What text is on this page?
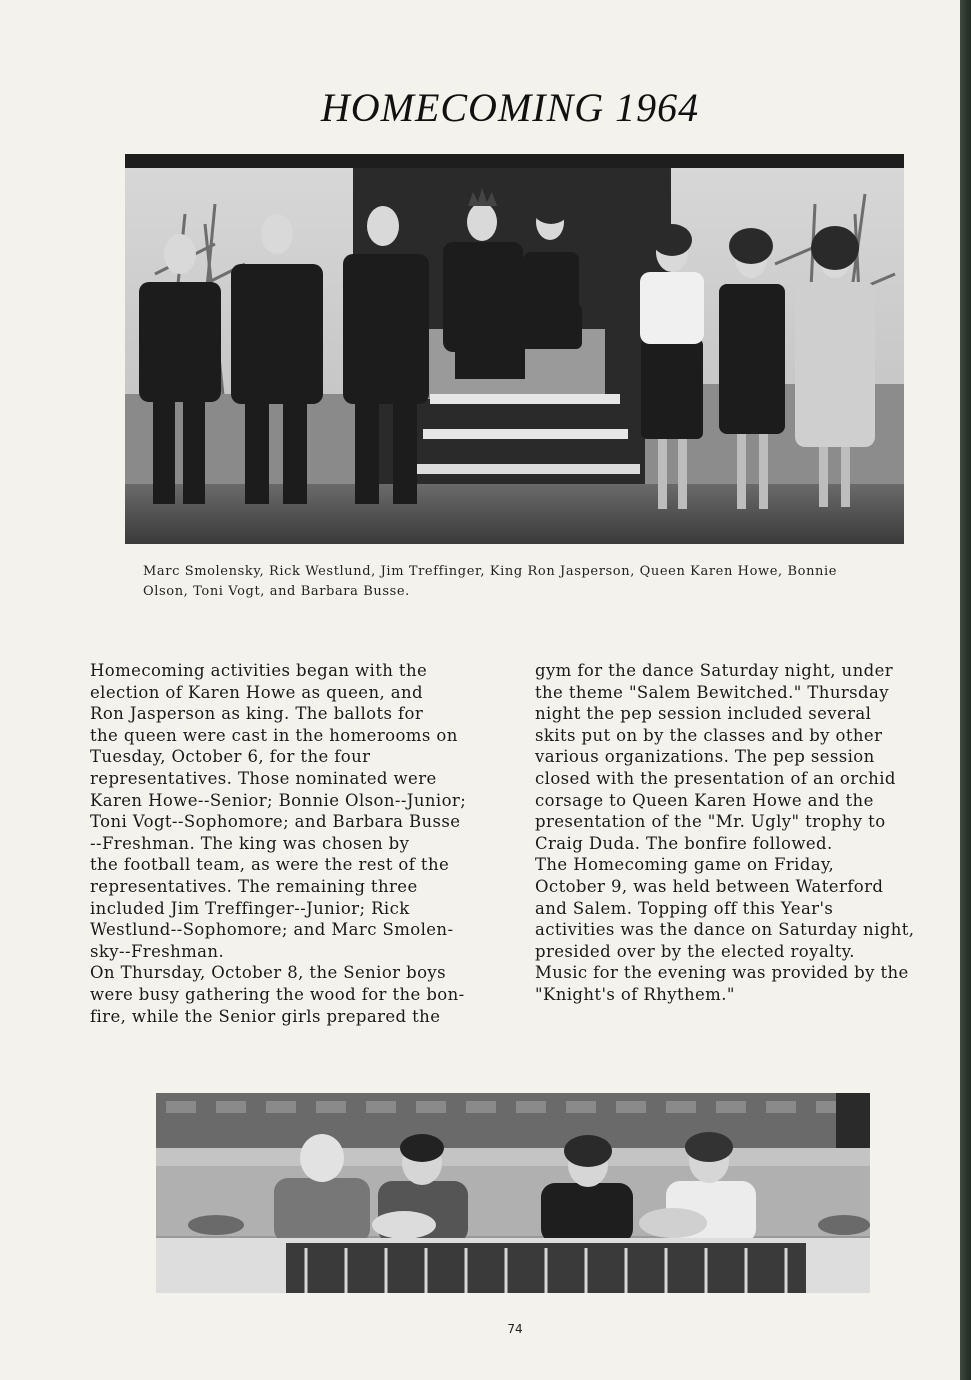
HOMECOMING 1964
Marc Smolensky, Rick Westlund, Jim Treffinger, King Ron Jasperson, Queen Karen Howe, Bonnie Olson, Toni Vogt, and Barbara Busse.
Homecoming activities began with the
election of Karen Howe as queen, and
Ron Jasperson as king. The ballots for
the queen were cast in the homerooms on
Tuesday, October 6, for the four
representatives. Those nominated were
Karen Howe--Senior; Bonnie Olson--Junior;
Toni Vogt--Sophomore; and Barbara Busse
--Freshman. The king was chosen by
the football team, as were the rest of the
representatives. The remaining three
included Jim Treffinger--Junior; Rick
Westlund--Sophomore; and Marc Smolen-
sky--Freshman.
On Thursday, October 8, the Senior boys
were busy gathering the wood for the bon-
fire, while the Senior girls prepared the
gym for the dance Saturday night, under
the theme "Salem Bewitched." Thursday
night the pep session included several
skits put on by the classes and by other
various organizations. The pep session
closed with the presentation of an orchid
corsage to Queen Karen Howe and the
presentation of the "Mr. Ugly" trophy to
Craig Duda. The bonfire followed.
The Homecoming game on Friday,
October 9, was held between Waterford
and Salem. Topping off this Year's
activities was the dance on Saturday night,
presided over by the elected royalty.
Music for the evening was provided by the
"Knight's of Rhythem."
74
